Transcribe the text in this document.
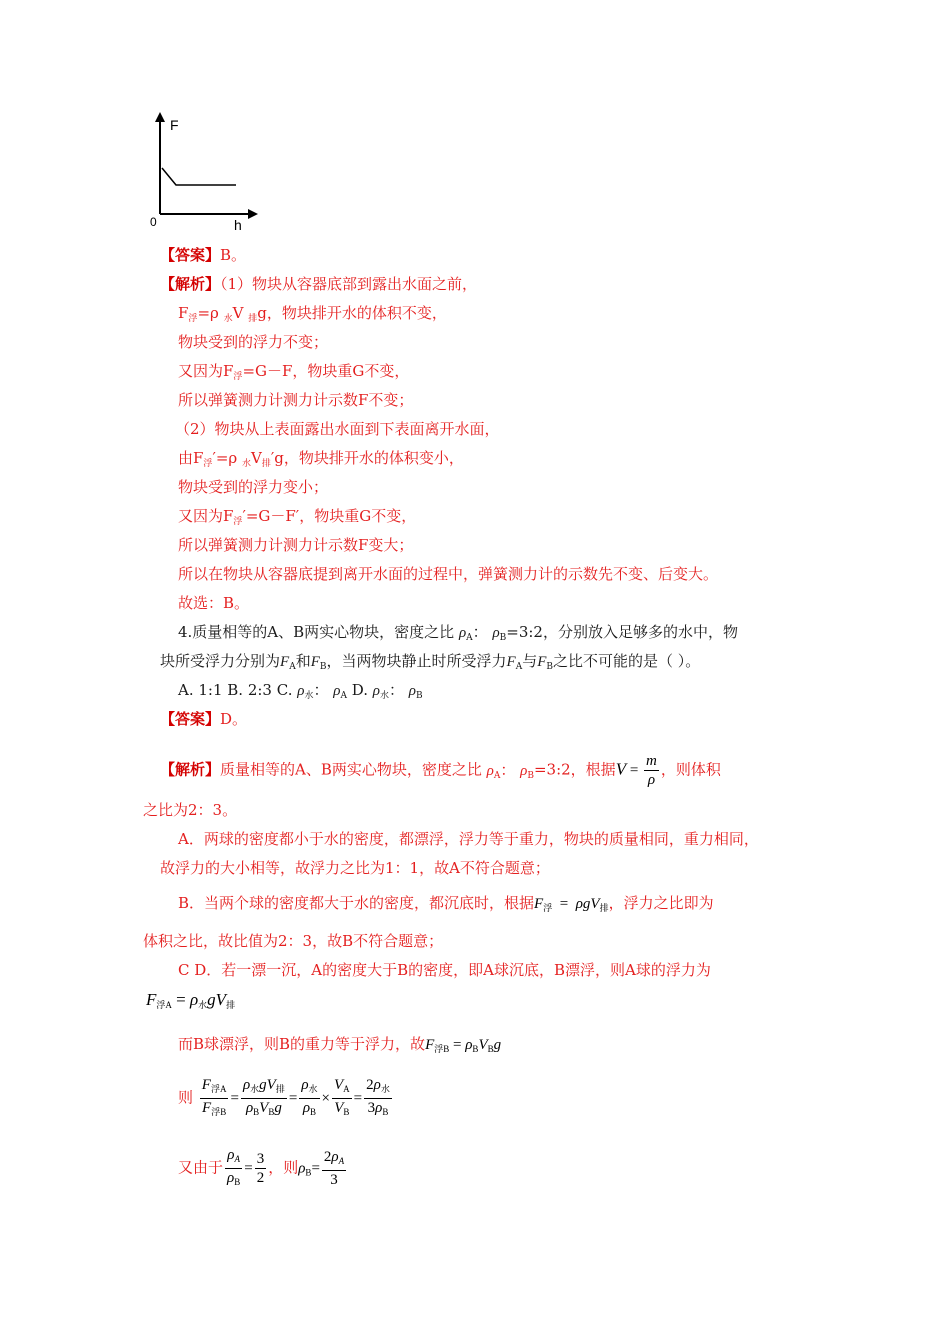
F
h
0
【答案】B。
【解析】（1）物块从容器底部到露出水面之前，
$F_浮=\rho$ $_水$V $_排$g，物块排开水的体积不变，
物块受到的浮力不变；
又因为$F_浮=G-F$，物块重G不变，
所以弹簧测力计测力计示数F不变；
（2）物块从上表面露出水面到下表面离开水面，
由$F_浮'=\rho$ $_水V_排'g$，物块排开水的体积变小，
物块受到的浮力变小；
又因为$F_浮'=G-F'$，物块重G不变，
所以弹簧测力计测力计示数F变大；
所以在物块从容器底提到离开水面的过程中，弹簧测力计的示数先不变、后变大。
故选：B。
4.质量相等的A、B两实心物块，密度之比 $\rho_A$： $\rho_B=3:2$，分别放入足够多的水中，物
块所受浮力分别为$F_A$和$F_B$，当两物块静止时所受浮力$F_A$与$F_B$之比不可能的是（ ）。
A. 1:1 B. 2:3 C. $\rho_水$： $\rho_A$ D. $\rho_水$： $\rho_B$
【答案】D。
【解析】质量相等的A、B两实心物块，密度之比 $\rho_A$： $\rho_B=3:2$，根据$V = \frac{m}{\rho}$ ，则体积
之比为2：3。
A．两球的密度都小于水的密度，都漂浮，浮力等于重力，物块的质量相同，重力相同，
故浮力的大小相等，故浮力之比为1：1，故A不符合题意；
B．当两个球的密度都大于水的密度，都沉底时，根据$F_浮 = \rho gV_排$，浮力之比即为
体积之比，故比值为2：3，故B不符合题意；
C D．若一漂一沉，A的密度大于B的密度，即A球沉底，B漂浮，则A球的浮力为
$F_{浮A} = \rho_水gV_排$
而B球漂浮，则B的重力等于浮力，故$F_{浮B} = \rho_BV_Bg$
则 $\frac{F_{浮A}}{F_{浮B}} = \frac{\rho_水gV_排}{\rho_BV_Bg} = \frac{\rho_水}{\rho_B} \times \frac{V_A}{V_B} = \frac{2\rho_水}{3\rho_B}$
又由于 $\frac{\rho_A}{\rho_B} = \frac{3}{2}$ ，则$\rho_B= \frac{2\rho_A}{3}$
